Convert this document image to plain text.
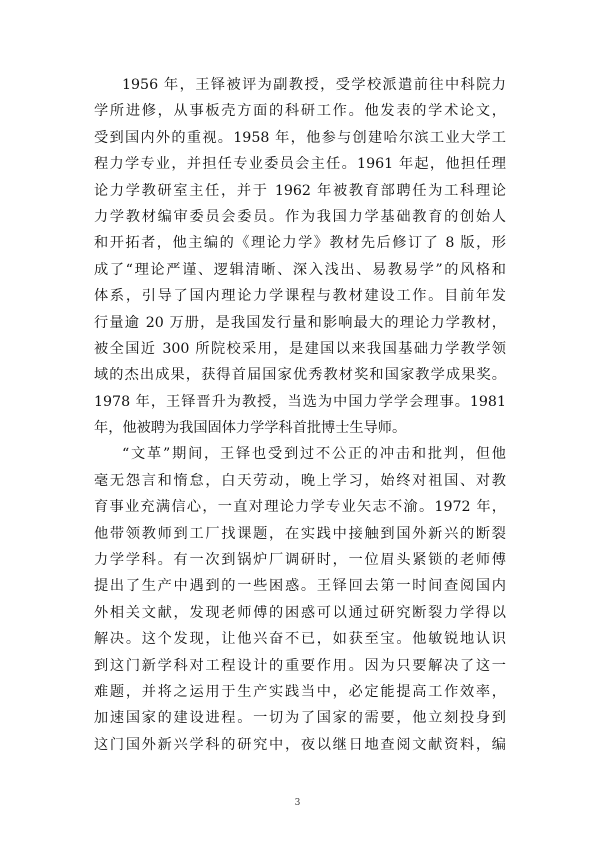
1956 年，王铎被评为副教授，受学校派遣前往中科院力
学所进修，从事板壳方面的科研工作。他发表的学术论文，
受到国内外的重视。1958 年，他参与创建哈尔滨工业大学工
程力学专业，并担任专业委员会主任。1961 年起，他担任理
论力学教研室主任，并于 1962 年被教育部聘任为工科理论
力学教材编审委员会委员。作为我国力学基础教育的创始人
和开拓者，他主编的《理论力学》教材先后修订了 8 版，形
成了“理论严谨、逻辑清晰、深入浅出、易教易学”的风格和
体系，引导了国内理论力学课程与教材建设工作。目前年发
行量逾 20 万册，是我国发行量和影响最大的理论力学教材，
被全国近 300 所院校采用，是建国以来我国基础力学教学领
域的杰出成果，获得首届国家优秀教材奖和国家教学成果奖。
1978 年，王铎晋升为教授，当选为中国力学学会理事。1981
年，他被聘为我国固体力学学科首批博士生导师。
“文革”期间，王铎也受到过不公正的冲击和批判，但他
毫无怨言和惰怠，白天劳动，晚上学习，始终对祖国、对教
育事业充满信心，一直对理论力学专业矢志不渝。1972 年，
他带领教师到工厂找课题，在实践中接触到国外新兴的断裂
力学学科。有一次到锅炉厂调研时，一位眉头紧锁的老师傅
提出了生产中遇到的一些困惑。王铎回去第一时间查阅国内
外相关文献，发现老师傅的困惑可以通过研究断裂力学得以
解决。这个发现，让他兴奋不已，如获至宝。他敏锐地认识
到这门新学科对工程设计的重要作用。因为只要解决了这一
难题，并将之运用于生产实践当中，必定能提高工作效率，
加速国家的建设进程。一切为了国家的需要，他立刻投身到
这门国外新兴学科的研究中，夜以继日地查阅文献资料，编
3
